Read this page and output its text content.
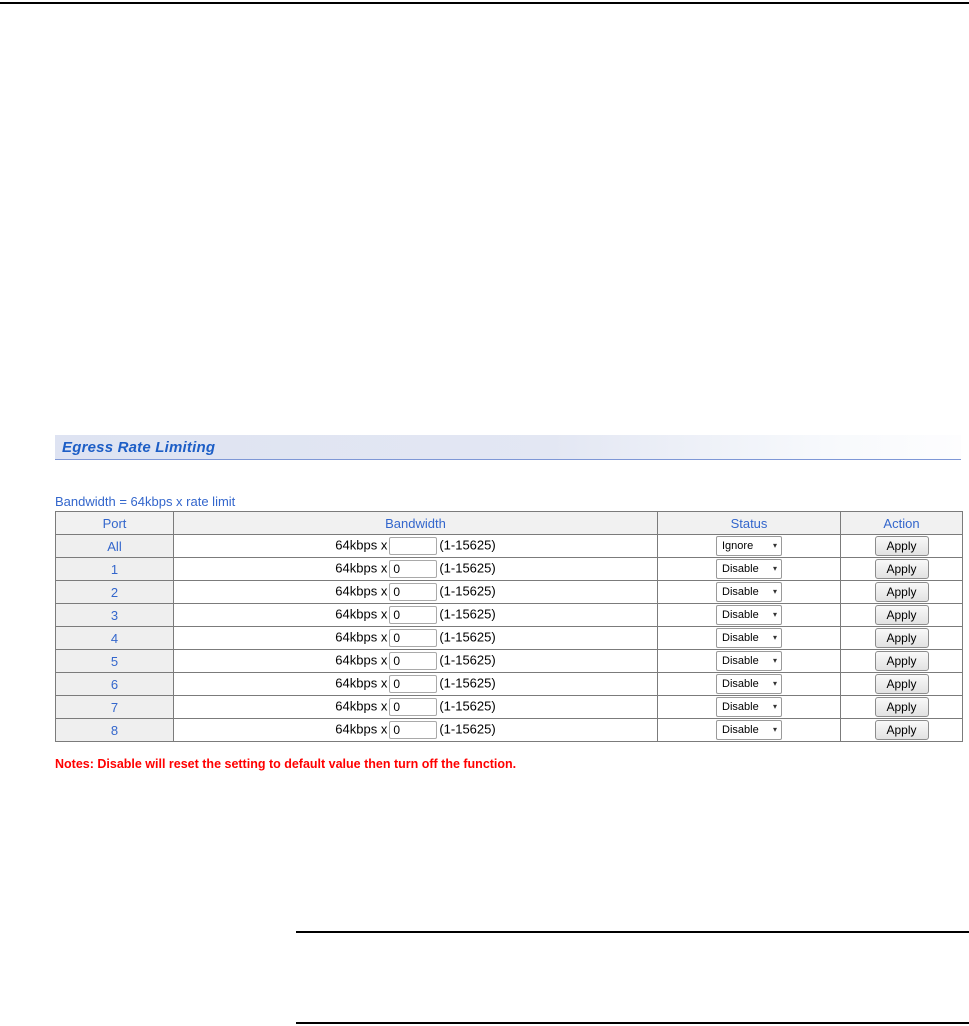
Egress Rate Limiting
Bandwidth = 64kbps x rate limit
Port	Bandwidth	Status	Action
All	64kbps x (1-15625)	Ignore ▾	Apply
1	64kbps x0 (1-15625)	Disable ▾	Apply
2	64kbps x0 (1-15625)	Disable ▾	Apply
3	64kbps x0 (1-15625)	Disable ▾	Apply
4	64kbps x0 (1-15625)	Disable ▾	Apply
5	64kbps x0 (1-15625)	Disable ▾	Apply
6	64kbps x0 (1-15625)	Disable ▾	Apply
7	64kbps x0 (1-15625)	Disable ▾	Apply
8	64kbps x0 (1-15625)	Disable ▾	Apply
Notes: Disable will reset the setting to default value then turn off the function.
